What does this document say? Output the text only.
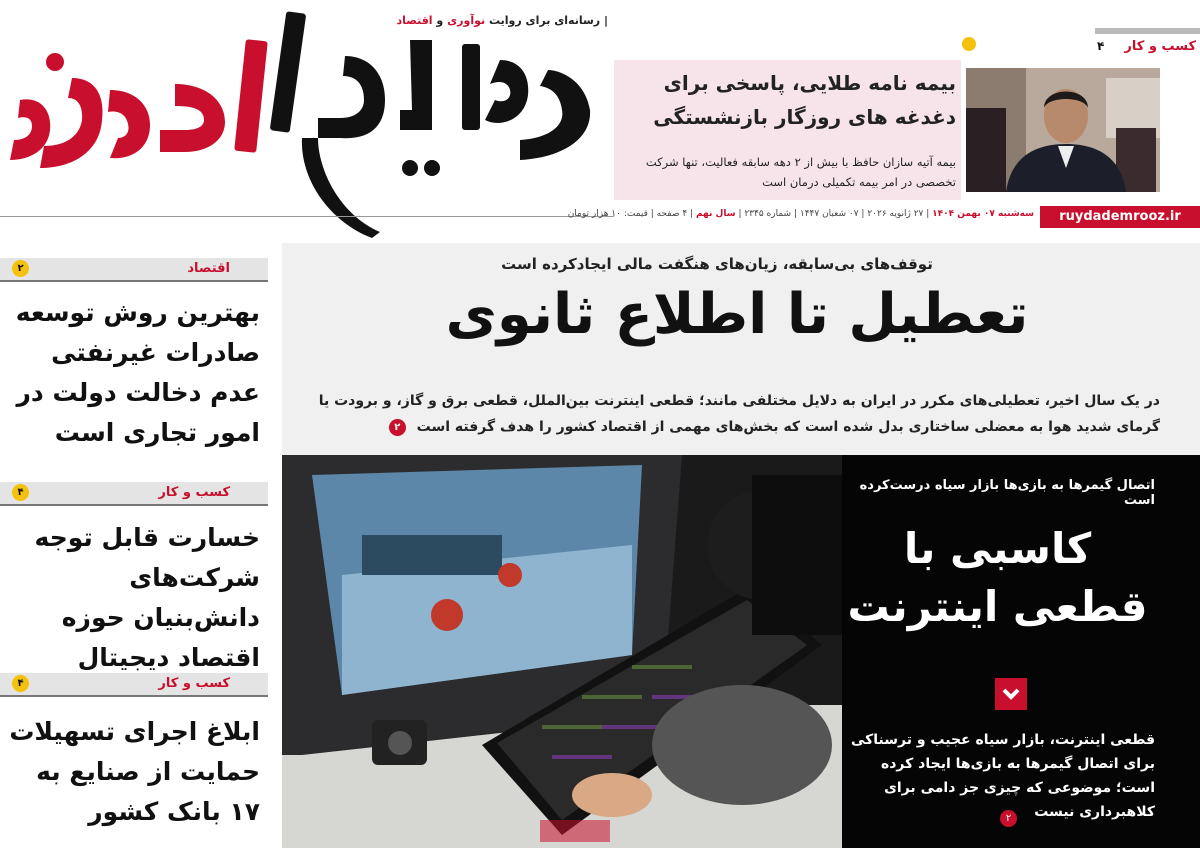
| رسانه‌ای برای روایت نوآوری و اقتصاد
کسب و کار
۴
بیمه نامه طلایی، پاسخی برای دغدغه های روزگار بازنشستگی
بیمه آتیه سازان حافظ با بیش از ۲ دهه سابقه فعالیت، تنها شرکت تخصصی در امر بیمه تکمیلی درمان است
ruydademrooz.ir
سه‌شنبه ۰۷ بهمن ۱۴۰۴ | ۲۷ ژانویه ۲۰۲۶ | ۰۷ شعبان ۱۴۴۷ | شماره ۲۳۴۵ | سال نهم | ۴ صفحه | قیمت: ۱۰ هزار تومان
اقتصاد
۲
بهترین روش توسعه صادرات غیرنفتی عدم دخالت دولت در امور تجاری است
کسب و کار
۴
خسارت قابل توجه شرکت‌های دانش‌بنیان حوزه اقتصاد دیجیتال
کسب و کار
۴
ابلاغ اجرای تسهیلات حمایت از صنایع به ۱۷ بانک کشور
توقف‌های بی‌سابقه، زیان‌های هنگفت مالی ایجادکرده است
تعطیل تا اطلاع ثانوی
در یک سال اخیر، تعطیلی‌های مکرر در ایران به دلایل مختلفی مانند؛ قطعی اینترنت بین‌الملل، قطعی برق و گاز، و برودت یا گرمای شدید هوا به معضلی ساختاری بدل شده است که بخش‌های مهمی از اقتصاد کشور را هدف گرفته است ۲
اتصال گیمرها به بازی‌ها بازار سیاه درست‌کرده است
کاسبی با قطعی اینترنت
قطعی اینترنت، بازار سیاه عجیب و ترسناکی برای اتصال گیمرها به بازی‌ها ایجاد کرده است؛ موضوعی که چیزی جز دامی برای کلاهبرداری نیست
۲
